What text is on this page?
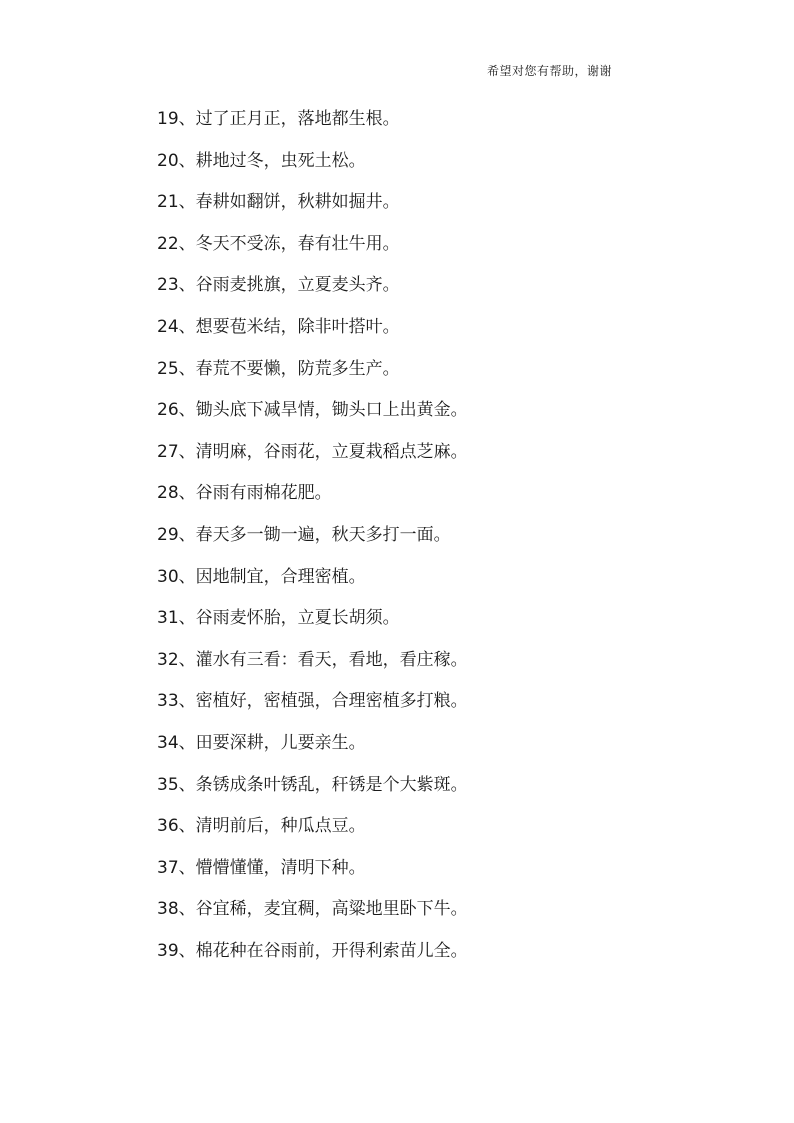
希望对您有帮助，谢谢
19、过了正月正，落地都生根。
20、耕地过冬，虫死土松。
21、春耕如翻饼，秋耕如掘井。
22、冬天不受冻，春有壮牛用。
23、谷雨麦挑旗，立夏麦头齐。
24、想要苞米结，除非叶搭叶。
25、春荒不要懒，防荒多生产。
26、锄头底下减旱情，锄头口上出黄金。
27、清明麻，谷雨花，立夏栽稻点芝麻。
28、谷雨有雨棉花肥。
29、春天多一锄一遍，秋天多打一面。
30、因地制宜，合理密植。
31、谷雨麦怀胎，立夏长胡须。
32、灌水有三看：看天，看地，看庄稼。
33、密植好，密植强，合理密植多打粮。
34、田要深耕，儿要亲生。
35、条锈成条叶锈乱，秆锈是个大紫斑。
36、清明前后，种瓜点豆。
37、懵懵懂懂，清明下种。
38、谷宜稀，麦宜稠，高粱地里卧下牛。
39、棉花种在谷雨前，开得利索苗儿全。
